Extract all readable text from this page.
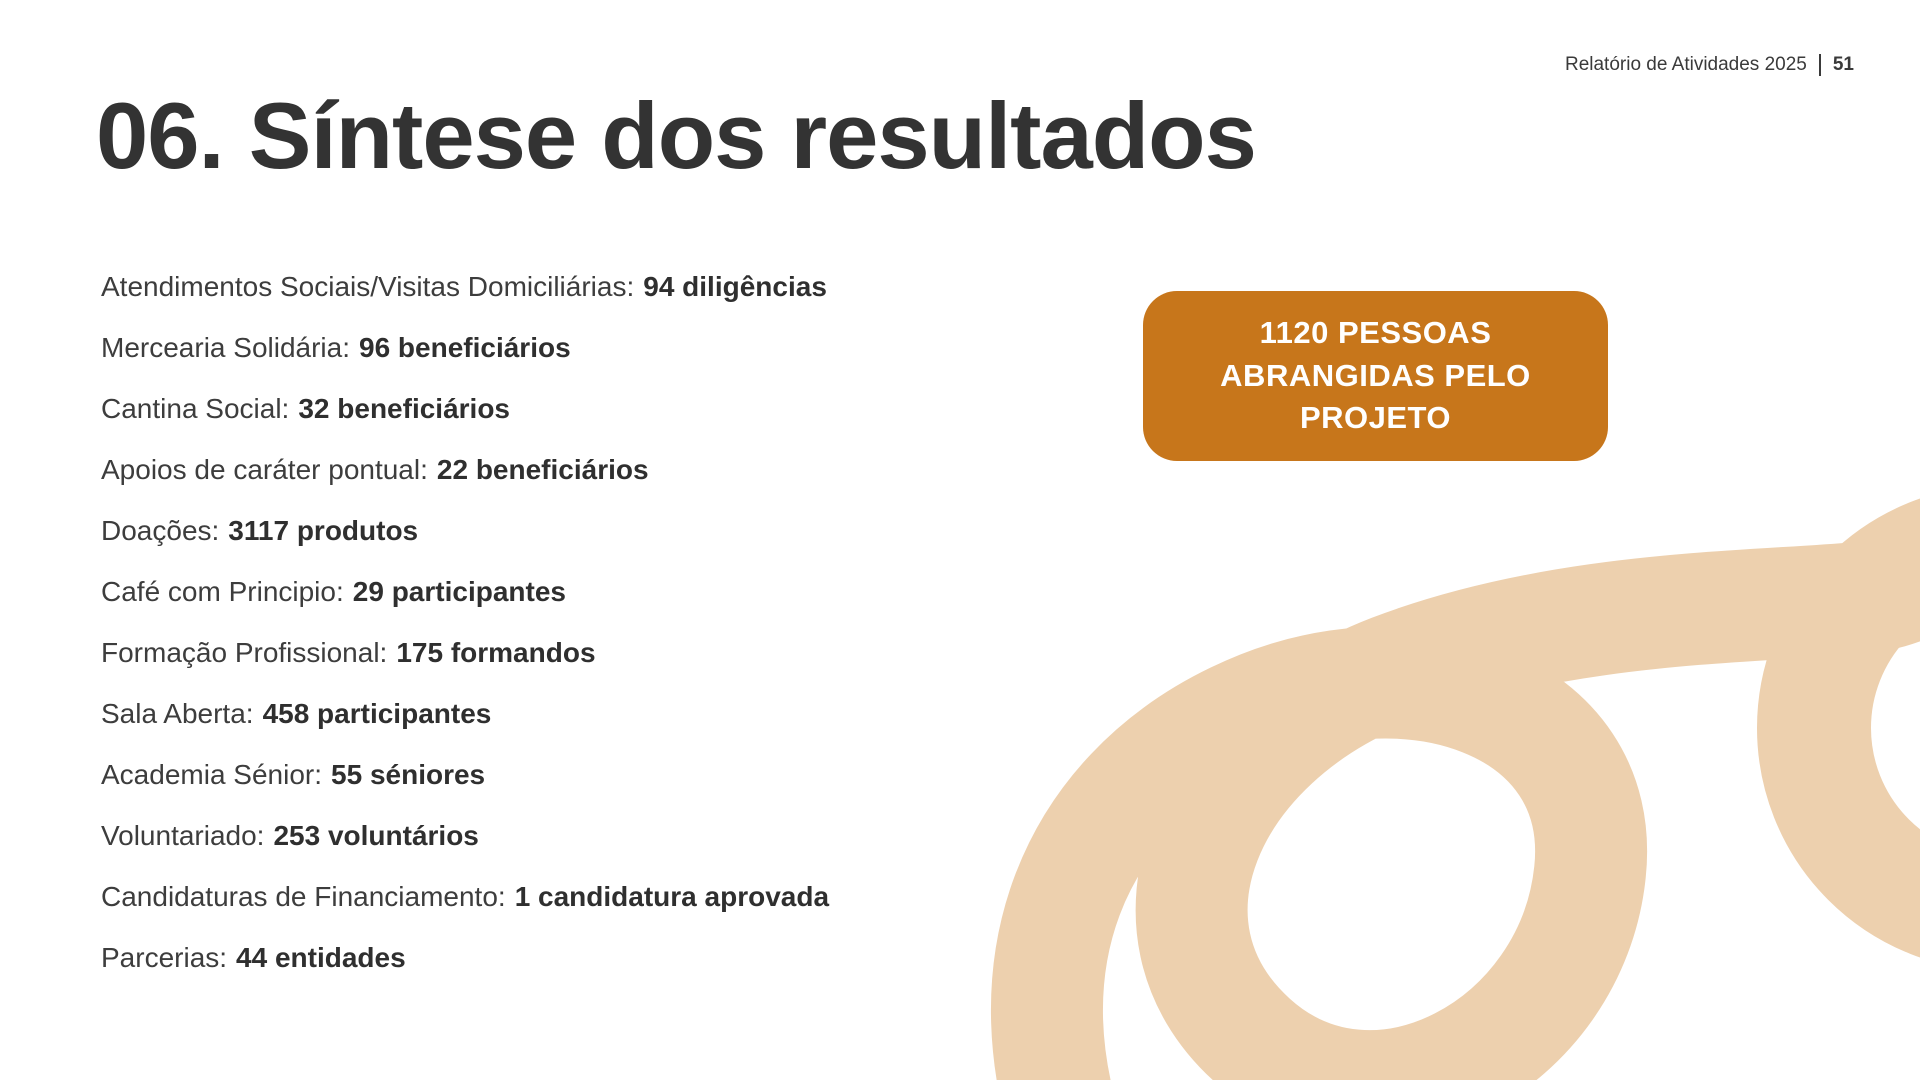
Relatório de Atividades 2025 51
06. Síntese dos resultados
Atendimentos Sociais/Visitas Domiciliárias: 94 diligências
Mercearia Solidária: 96 beneficiários
Cantina Social: 32 beneficiários
Apoios de caráter pontual: 22 beneficiários
Doações: 3117 produtos
Café com Principio: 29 participantes
Formação Profissional: 175 formandos
Sala Aberta: 458 participantes
Academia Sénior: 55 séniores
Voluntariado: 253 voluntários
Candidaturas de Financiamento: 1 candidatura aprovada
Parcerias: 44 entidades
1120 PESSOAS
ABRANGIDAS PELO
PROJETO
